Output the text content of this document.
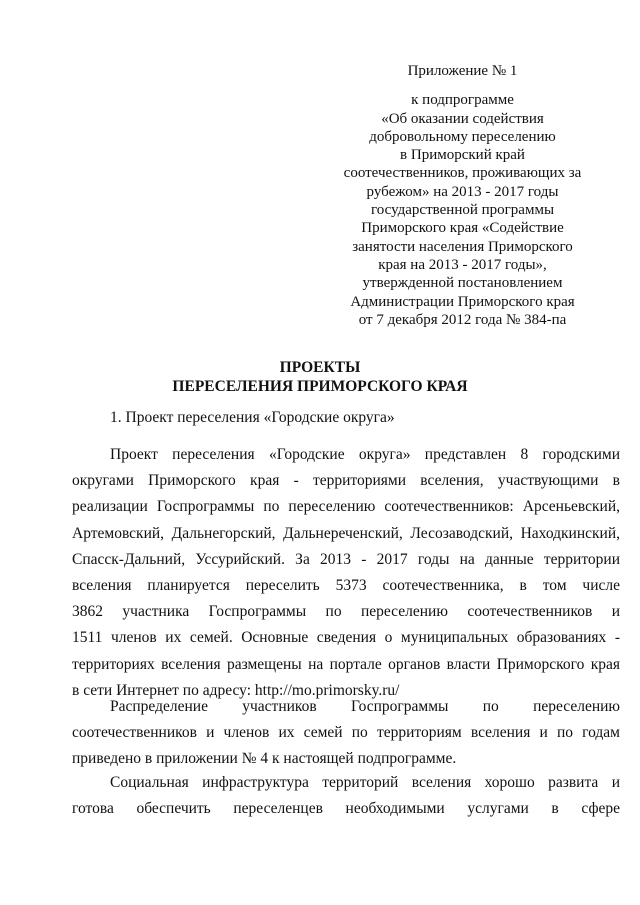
Приложение № 1
к подпрограмме
«Об оказании содействия
добровольному переселению
в Приморский край
соотечественников, проживающих за
рубежом» на 2013 - 2017 годы
государственной программы
Приморского края «Содействие
занятости населения Приморского
края на 2013 - 2017 годы»,
утвержденной постановлением
Администрации Приморского края
от 7 декабря 2012 года № 384-па
ПРОЕКТЫ
ПЕРЕСЕЛЕНИЯ ПРИМОРСКОГО КРАЯ
1. Проект переселения «Городские округа»
Проект переселения «Городские округа» представлен 8 городскими
округами Приморского края - территориями вселения, участвующими в
реализации Госпрограммы по переселению соотечественников: Арсеньевский,
Артемовский, Дальнегорский, Дальнереченский, Лесозаводский, Находкинский,
Спасск-Дальний, Уссурийский. За 2013 - 2017 годы на данные территории
вселения планируется переселить 5373 соотечественника, в том числе
3862 участника Госпрограммы по переселению соотечественников и
1511 членов их семей. Основные сведения о муниципальных образованиях -
территориях вселения размещены на портале органов власти Приморского края
в сети Интернет по адресу: http://mo.primorsky.ru/
Распределение участников Госпрограммы по переселению
соотечественников и членов их семей по территориям вселения и по годам
приведено в приложении № 4 к настоящей подпрограмме.
Социальная инфраструктура территорий вселения хорошо развита и
готова обеспечить переселенцев необходимыми услугами в сфере
